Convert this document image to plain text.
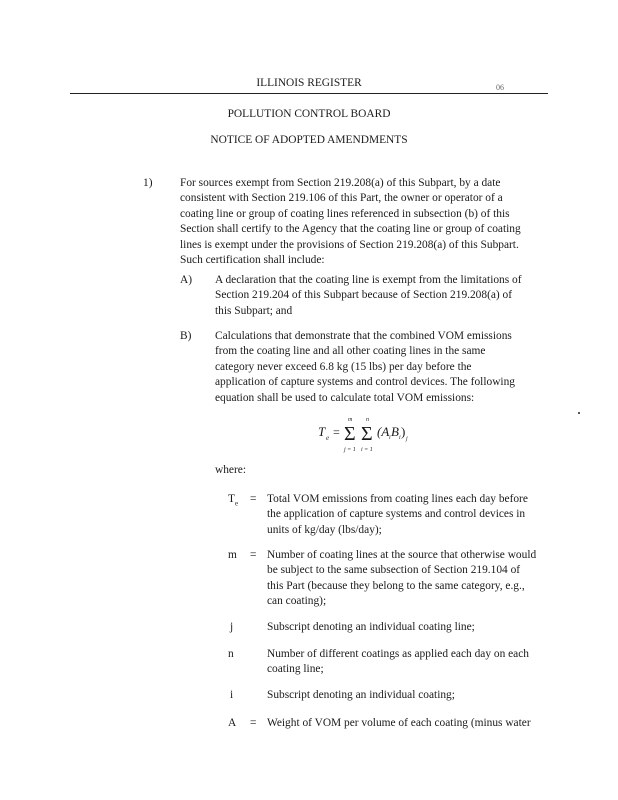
ILLINOIS REGISTER	06
POLLUTION CONTROL BOARD
NOTICE OF ADOPTED AMENDMENTS
1) For sources exempt from Section 219.208(a) of this Subpart, by a date
consistent with Section 219.106 of this Part, the owner or operator of a
coating line or group of coating lines referenced in subsection (b) of this
Section shall certify to the Agency that the coating line or group of coating
lines is exempt under the provisions of Section 219.208(a) of this Subpart.
Such certification shall include:
A) A declaration that the coating line is exempt from the limitations of
Section 219.204 of this Subpart because of Section 219.208(a) of
this Subpart; and
B) Calculations that demonstrate that the combined VOM emissions
from the coating line and all other coating lines in the same
category never exceed 6.8 kg (15 lbs) per day before the
application of capture systems and control devices. The following
equation shall be used to calculate total VOM emissions:
T e =
m
Σ
j = 1
n
Σ
i = 1
(A i B i ) j
where:
$T_e$ = Total VOM emissions from coating lines each day before
the application of capture systems and control devices in
units of kg/day (lbs/day);
m = Number of coating lines at the source that otherwise would
be subject to the same subsection of Section 219.104 of
this Part (because they belong to the same category, e.g.,
can coating);
j	Subscript denoting an individual coating line;
n	Number of different coatings as applied each day on each
coating line;
i	Subscript denoting an individual coating;
A = Weight of VOM per volume of each coating (minus water
